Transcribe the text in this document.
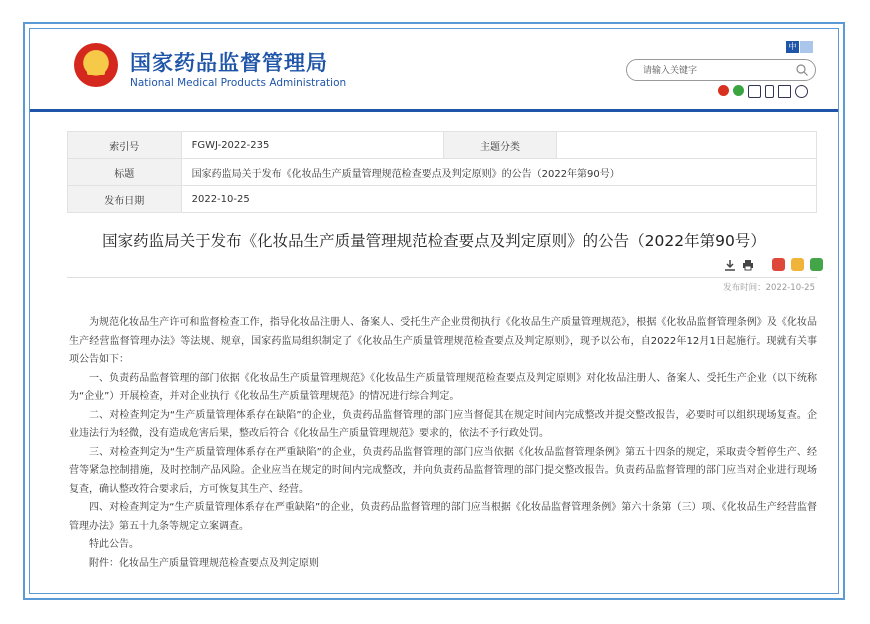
国家药品监督管理局
National Medical Products Administration
中
请输入关键字
索引号	FGWJ-2022-235	主题分类	
标题	国家药监局关于发布《化妆品生产质量管理规范检查要点及判定原则》的公告（2022年第90号）		
发布日期	2022-10-25		
国家药监局关于发布《化妆品生产质量管理规范检查要点及判定原则》的公告（2022年第90号）
发布时间：2022-10-25

为规范化妆品生产许可和监督检查工作，指导化妆品注册人、备案人、受托生产企业贯彻执行《化妆品生产质量管理规范》，根据《化妆品监督管理条例》及《化妆品生产经营监督管理办法》等法规、规章，国家药监局组织制定了《化妆品生产质量管理规范检查要点及判定原则》，现予以公布，自2022年12月1日起施行。现就有关事项公告如下：

一、负责药品监督管理的部门依据《化妆品生产质量管理规范》《化妆品生产质量管理规范检查要点及判定原则》对化妆品注册人、备案人、受托生产企业（以下统称为“企业”）开展检查，并对企业执行《化妆品生产质量管理规范》的情况进行综合判定。

二、对检查判定为“生产质量管理体系存在缺陷”的企业，负责药品监督管理的部门应当督促其在规定时间内完成整改并提交整改报告，必要时可以组织现场复查。企业违法行为轻微，没有造成危害后果，整改后符合《化妆品生产质量管理规范》要求的，依法不予行政处罚。

三、对检查判定为“生产质量管理体系存在严重缺陷”的企业，负责药品监督管理的部门应当依据《化妆品监督管理条例》第五十四条的规定，采取责令暂停生产、经营等紧急控制措施，及时控制产品风险。企业应当在规定的时间内完成整改，并向负责药品监督管理的部门提交整改报告。负责药品监督管理的部门应当对企业进行现场复查，确认整改符合要求后，方可恢复其生产、经营。

四、对检查判定为“生产质量管理体系存在严重缺陷”的企业，负责药品监督管理的部门应当根据《化妆品监督管理条例》第六十条第（三）项、《化妆品生产经营监督管理办法》第五十九条等规定立案调查。

特此公告。

附件：化妆品生产质量管理规范检查要点及判定原则
